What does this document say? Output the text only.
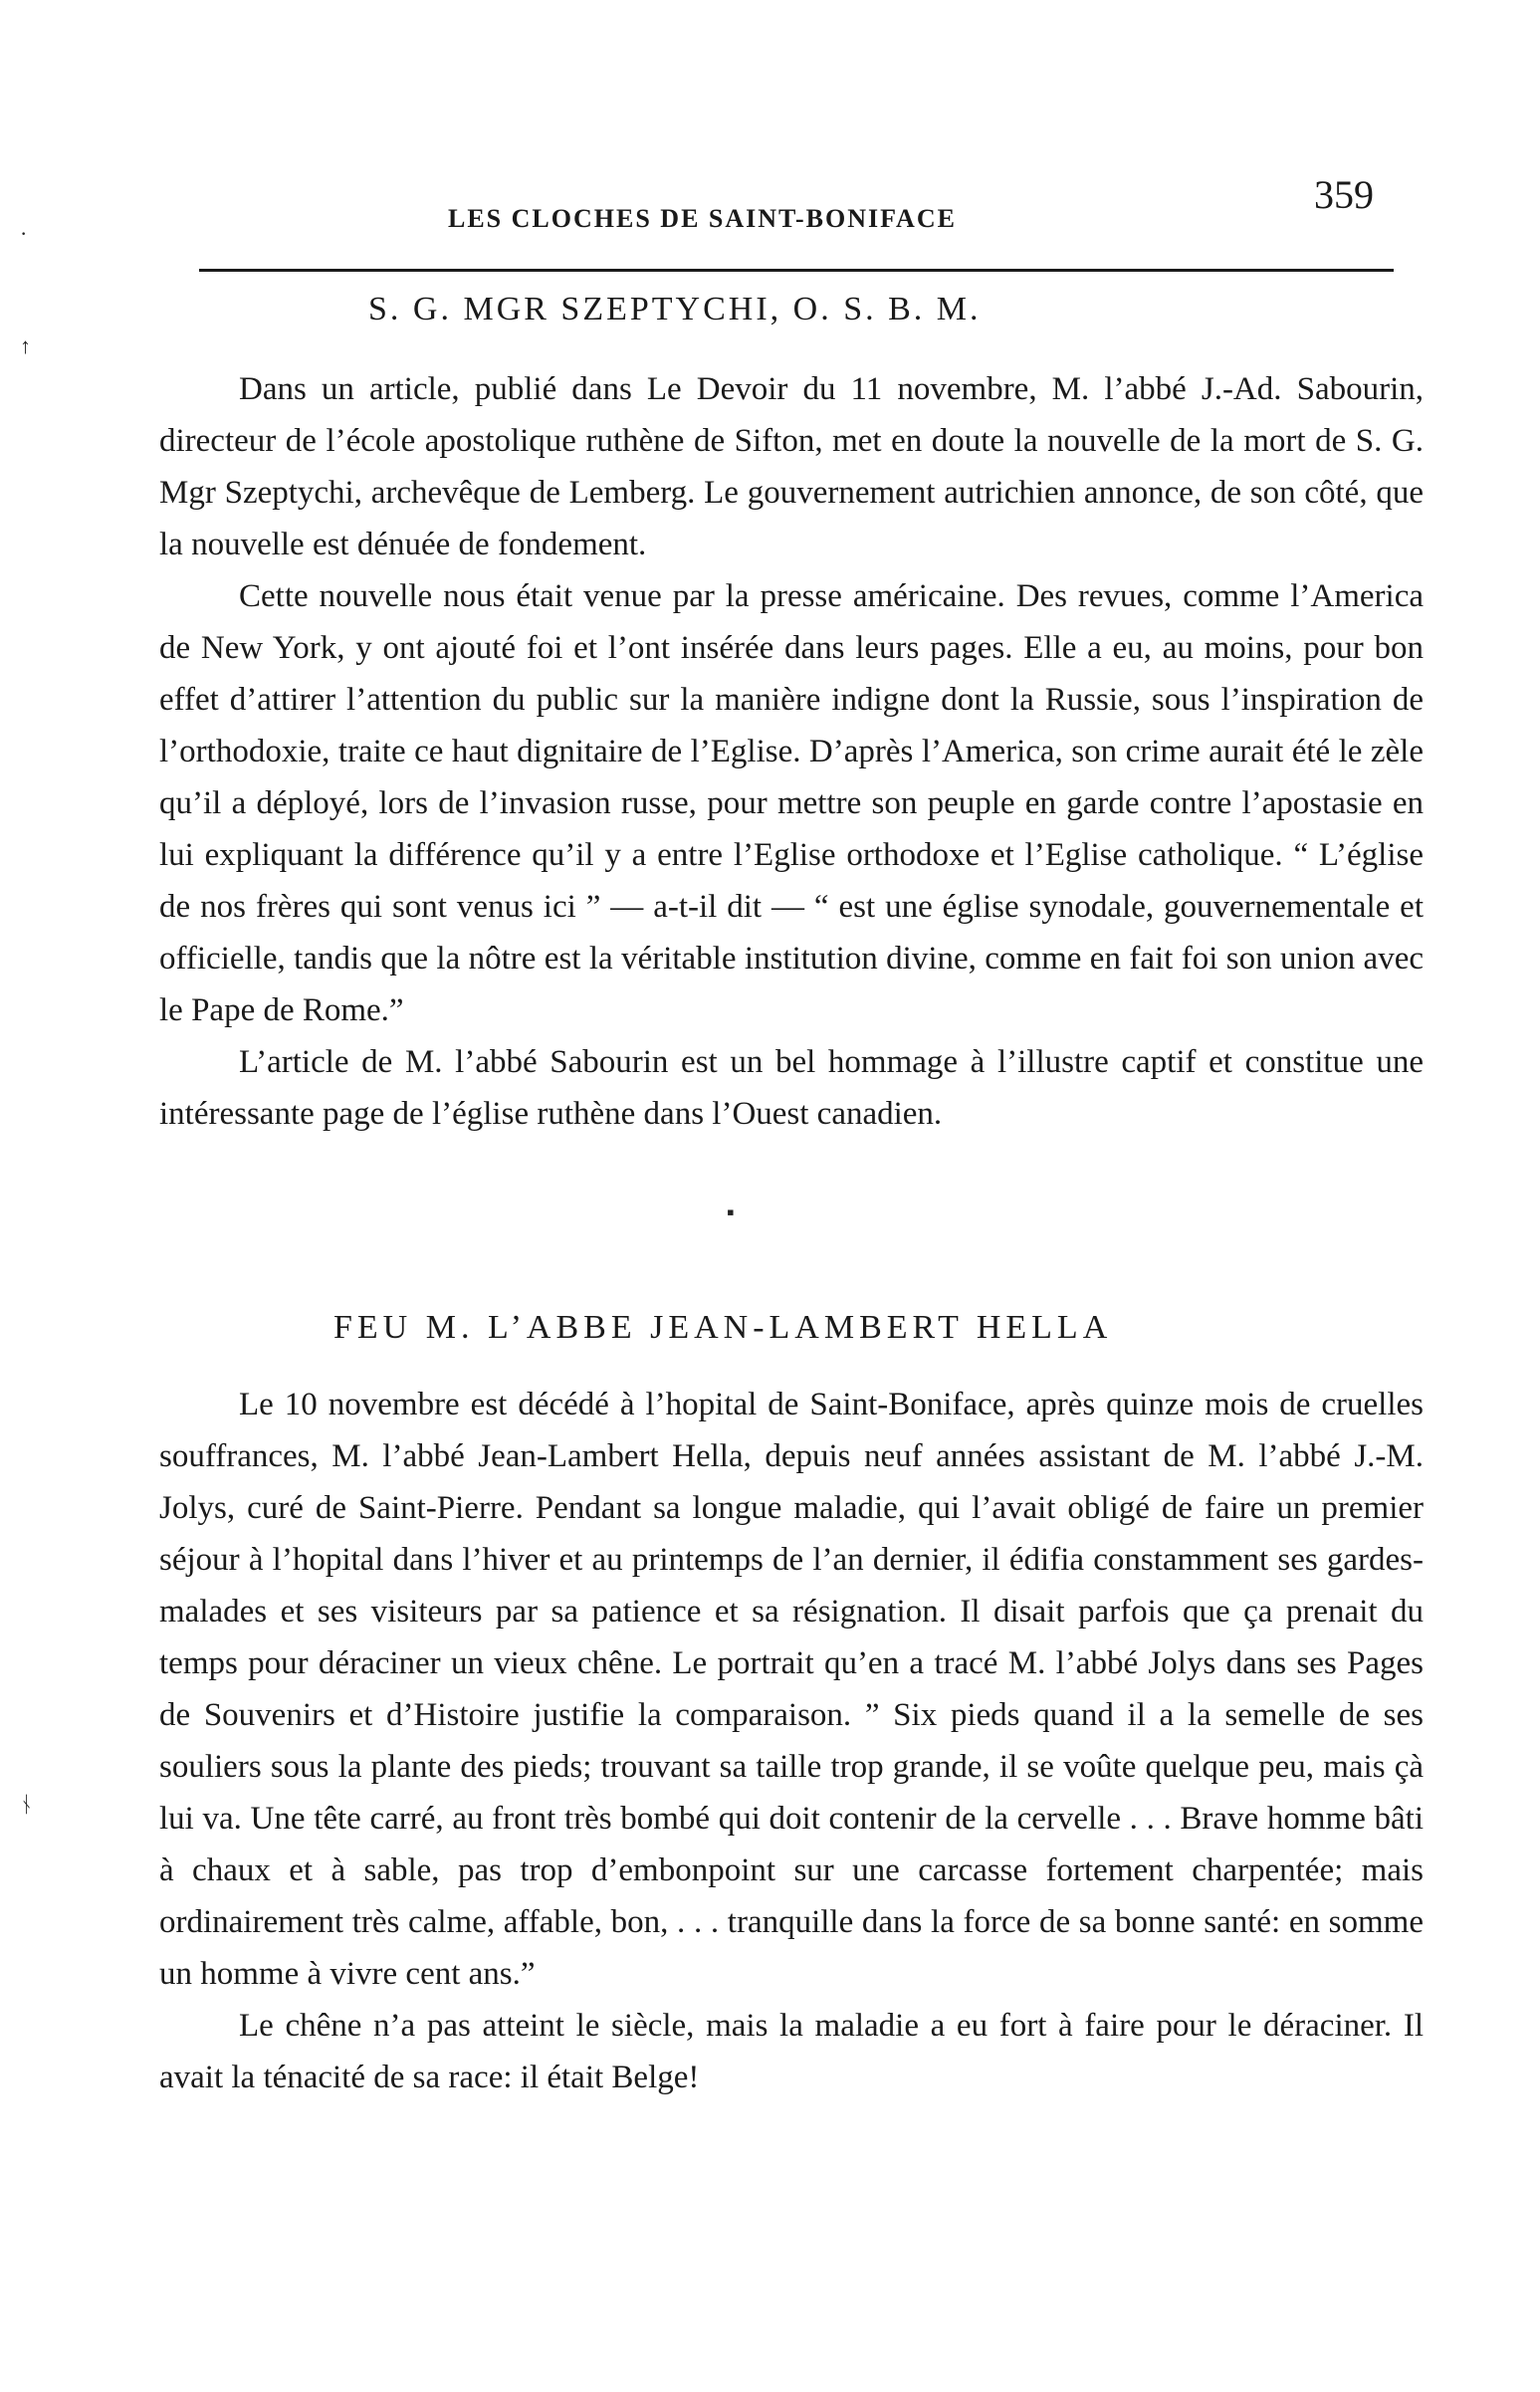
LES CLOCHES DE SAINT-BONIFACE
359
S. G. MGR SZEPTYCHI, O. S. B. M.

Dans un article, publié dans Le Devoir du 11 novembre, M. l’abbé J.-Ad. Sabourin, directeur de l’école apostolique ruthène de Sifton, met en doute la nouvelle de la mort de S. G. Mgr Szeptychi, archevêque de Lemberg. Le gouvernement autrichien annonce, de son côté, que la nouvelle est dénuée de fondement.

Cette nouvelle nous était venue par la presse américaine. Des revues, comme l’America de New York, y ont ajouté foi et l’ont insérée dans leurs pages. Elle a eu, au moins, pour bon effet d’attirer l’attention du public sur la manière indigne dont la Russie, sous l’inspiration de l’orthodoxie, traite ce haut dignitaire de l’Eglise. D’après l’America, son crime aurait été le zèle qu’il a déployé, lors de l’invasion russe, pour mettre son peuple en garde contre l’apostasie en lui expliquant la différence qu’il y a entre l’Eglise orthodoxe et l’Eglise catholique. “ L’église de nos frères qui sont venus ici ” — a-t-il dit — “ est une église synodale, gouvernementale et officielle, tandis que la nôtre est la véritable institution divine, comme en fait foi son union avec le Pape de Rome.”

L’article de M. l’abbé Sabourin est un bel hommage à l’illustre captif et constitue une intéressante page de l’église ruthène dans l’Ouest canadien.

FEU M. L’ABBE JEAN-LAMBERT HELLA

Le 10 novembre est décédé à l’hopital de Saint-Boniface, après quinze mois de cruelles souffrances, M. l’abbé Jean-Lambert Hella, depuis neuf années assistant de M. l’abbé J.-M. Jolys, curé de Saint-Pierre. Pendant sa longue maladie, qui l’avait obligé de faire un premier séjour à l’hopital dans l’hiver et au printemps de l’an dernier, il édifia constamment ses gardes-malades et ses visiteurs par sa patience et sa résignation. Il disait parfois que ça prenait du temps pour déraciner un vieux chêne. Le portrait qu’en a tracé M. l’abbé Jolys dans ses Pages de Souvenirs et d’Histoire justifie la comparaison. ” Six pieds quand il a la semelle de ses souliers sous la plante des pieds; trouvant sa taille trop grande, il se voûte quelque peu, mais çà lui va. Une tête carré, au front très bombé qui doit contenir de la cervelle . . . Brave homme bâti à chaux et à sable, pas trop d’embonpoint sur une carcasse fortement charpentée; mais ordinairement très calme, affable, bon, . . . tranquille dans la force de sa bonne santé: en somme un homme à vivre cent ans.”

Le chêne n’a pas atteint le siècle, mais la maladie a eu fort à faire pour le déraciner. Il avait la ténacité de sa race: il était Belge!

·
↑
ᚾ
▪
